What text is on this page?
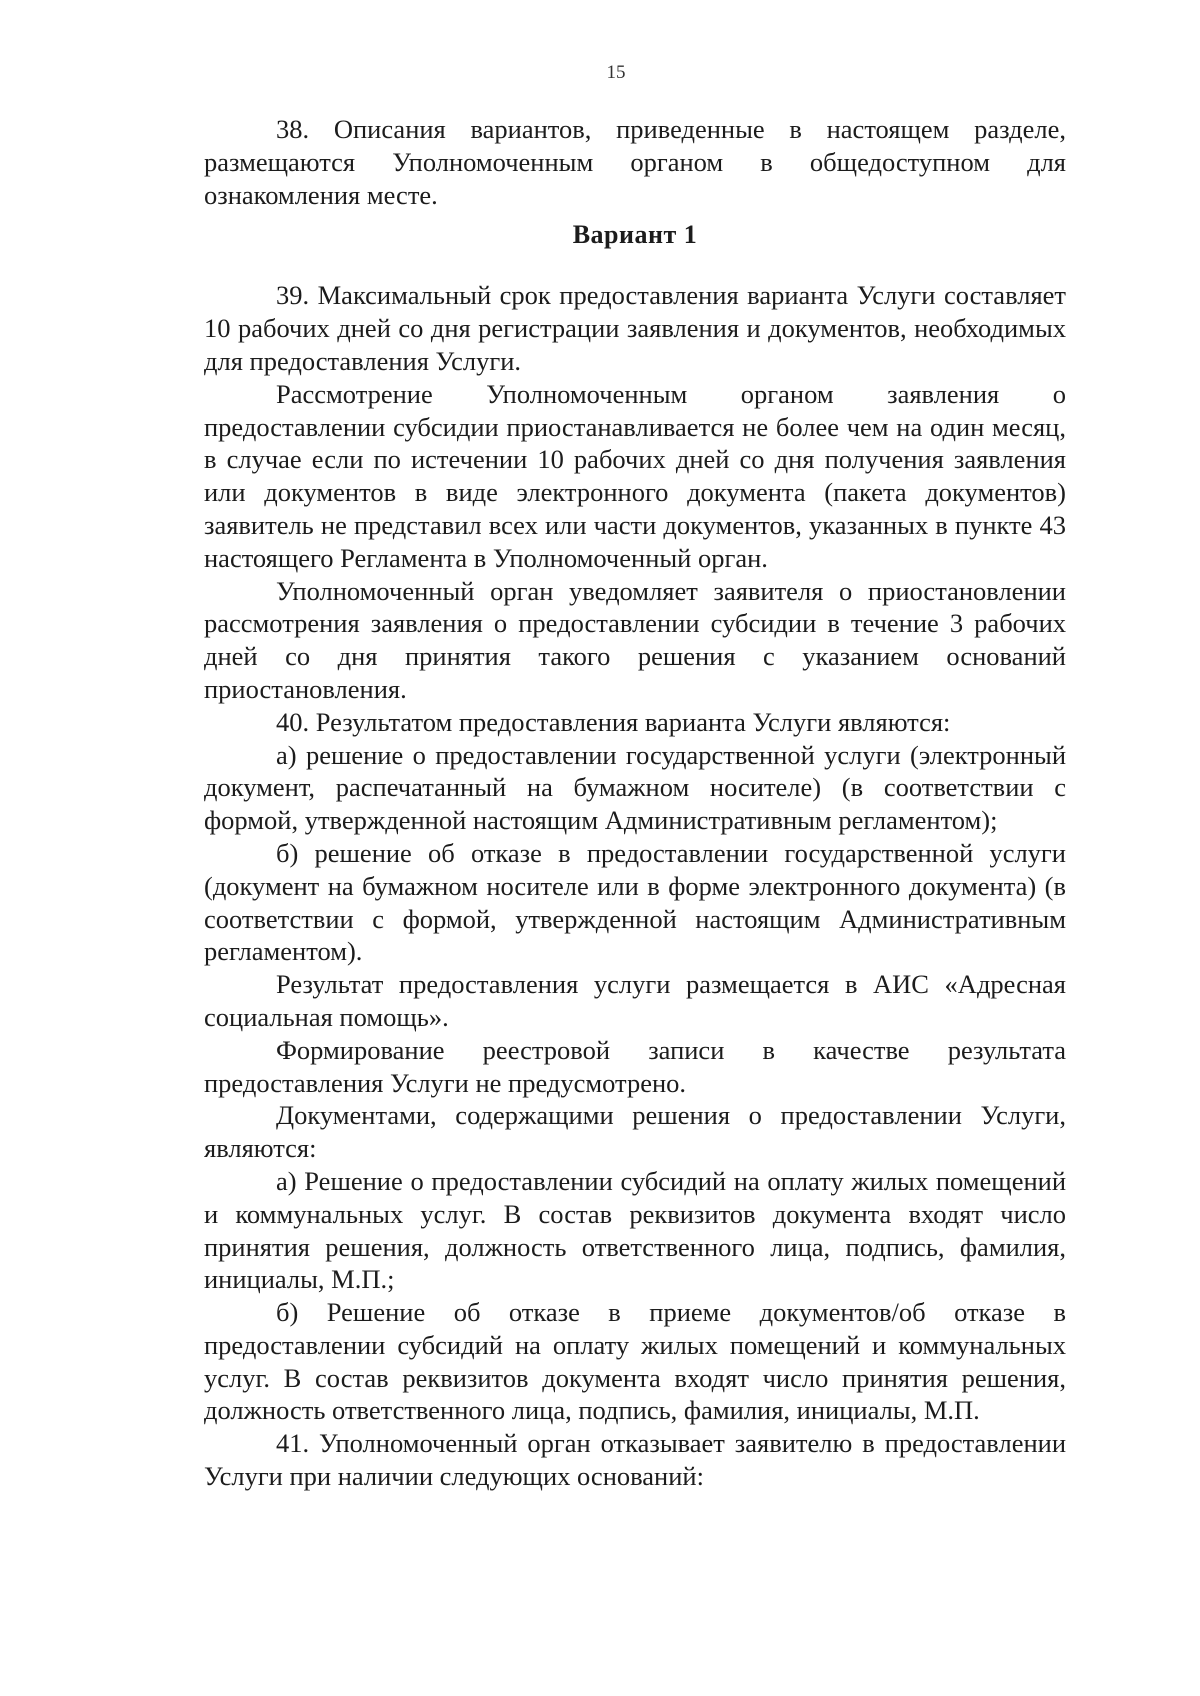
15

38. Описания вариантов, приведенные в настоящем разделе, размещаются Уполномоченным органом в общедоступном для ознакомления месте.

Вариант 1

39. Максимальный срок предоставления варианта Услуги составляет 10 рабочих дней со дня регистрации заявления и документов, необходимых для предоставления Услуги.

Рассмотрение Уполномоченным органом заявления о предоставлении субсидии приостанавливается не более чем на один месяц, в случае если по истечении 10 рабочих дней со дня получения заявления или документов в виде электронного документа (пакета документов) заявитель не представил всех или части документов, указанных в пункте 43 настоящего Регламента в Уполномоченный орган.

Уполномоченный орган уведомляет заявителя о приостановлении рассмотрения заявления о предоставлении субсидии в течение 3 рабочих дней со дня принятия такого решения с указанием оснований приостановления.

40. Результатом предоставления варианта Услуги являются:

а) решение о предоставлении государственной услуги (электронный документ, распечатанный на бумажном носителе) (в соответствии с формой, утвержденной настоящим Административным регламентом);

б) решение об отказе в предоставлении государственной услуги (документ на бумажном носителе или в форме электронного документа) (в соответствии с формой, утвержденной настоящим Административным регламентом).

Результат предоставления услуги размещается в АИС «Адресная социальная помощь».

Формирование реестровой записи в качестве результата предоставления Услуги не предусмотрено.

Документами, содержащими решения о предоставлении Услуги, являются:

а) Решение о предоставлении субсидий на оплату жилых помещений и коммунальных услуг. В состав реквизитов документа входят число принятия решения, должность ответственного лица, подпись, фамилия, инициалы, М.П.;

б) Решение об отказе в приеме документов/об отказе в предоставлении субсидий на оплату жилых помещений и коммунальных услуг. В состав реквизитов документа входят число принятия решения, должность ответственного лица, подпись, фамилия, инициалы, М.П.

41. Уполномоченный орган отказывает заявителю в предоставлении Услуги при наличии следующих оснований:
